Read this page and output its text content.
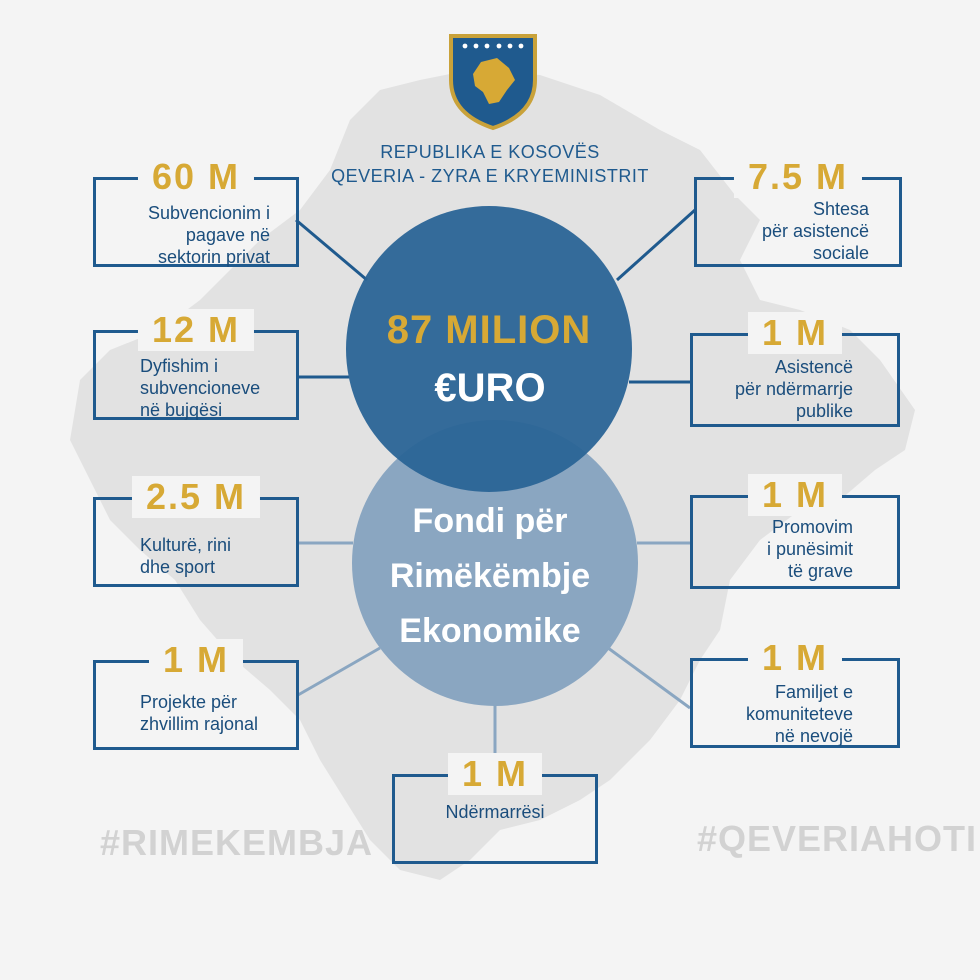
REPUBLIKA E KOSOVËS
QEVERIA - ZYRA E KRYEMINISTRIT
87 MILION
€URO
Fondi për
Rimëkëmbje
Ekonomike
60 M
Subvencionim i
pagave në
sektorin privat
7.5 M
Shtesa
për asistencë
sociale
12 M
Dyfishim i
subvencioneve
në bujqësi
1 M
Asistencë
për ndërmarrje
publike
2.5 M
Kulturë, rini
dhe sport
1 M
Promovim
i punësimit
të grave
1 M
Projekte për
zhvillim rajonal
1 M
Familjet e
komuniteteve
në nevojë
1 M
Ndërmarrësi
#RIMEKEMBJA	#QEVERIAHOTI
